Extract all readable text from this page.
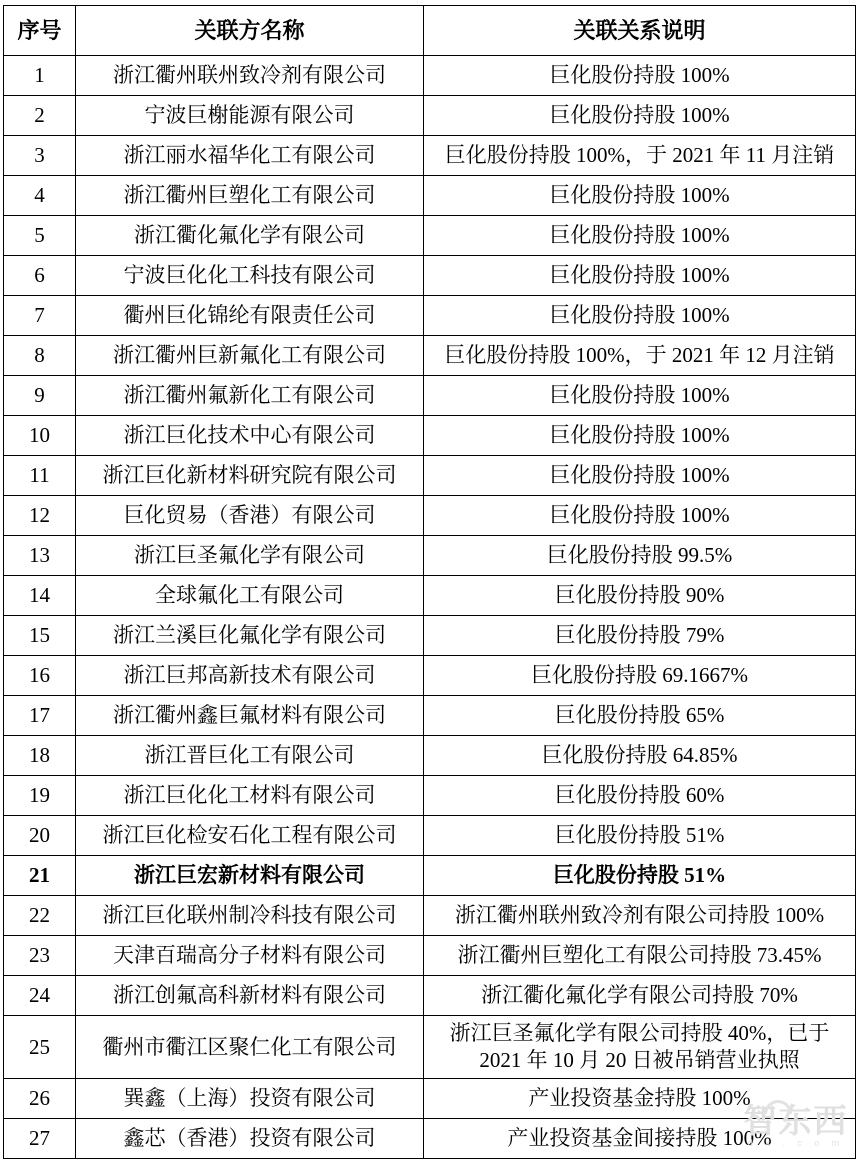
序号	关联方名称	关联关系说明
1	浙江衢州联州致冷剂有限公司	巨化股份持股 100%
2	宁波巨榭能源有限公司	巨化股份持股 100%
3	浙江丽水福华化工有限公司	巨化股份持股 100%，于 2021 年 11 月注销
4	浙江衢州巨塑化工有限公司	巨化股份持股 100%
5	浙江衢化氟化学有限公司	巨化股份持股 100%
6	宁波巨化化工科技有限公司	巨化股份持股 100%
7	衢州巨化锦纶有限责任公司	巨化股份持股 100%
8	浙江衢州巨新氟化工有限公司	巨化股份持股 100%，于 2021 年 12 月注销
9	浙江衢州氟新化工有限公司	巨化股份持股 100%
10	浙江巨化技术中心有限公司	巨化股份持股 100%
11	浙江巨化新材料研究院有限公司	巨化股份持股 100%
12	巨化贸易（香港）有限公司	巨化股份持股 100%
13	浙江巨圣氟化学有限公司	巨化股份持股 99.5%
14	全球氟化工有限公司	巨化股份持股 90%
15	浙江兰溪巨化氟化学有限公司	巨化股份持股 79%
16	浙江巨邦高新技术有限公司	巨化股份持股 69.1667%
17	浙江衢州鑫巨氟材料有限公司	巨化股份持股 65%
18	浙江晋巨化工有限公司	巨化股份持股 64.85%
19	浙江巨化化工材料有限公司	巨化股份持股 60%
20	浙江巨化检安石化工程有限公司	巨化股份持股 51%
21	浙江巨宏新材料有限公司	巨化股份持股 51%
22	浙江巨化联州制冷科技有限公司	浙江衢州联州致冷剂有限公司持股 100%
23	天津百瑞高分子材料有限公司	浙江衢州巨塑化工有限公司持股 73.45%
24	浙江创氟高科新材料有限公司	浙江衢化氟化学有限公司持股 70%
25	衢州市衢江区聚仁化工有限公司	浙江巨圣氟化学有限公司持股 40%，已于 2021 年 10 月 20 日被吊销营业执照
26	巽鑫（上海）投资有限公司	产业投资基金持股 100%
27	鑫芯（香港）投资有限公司	产业投资基金间接持股 100%
智东西
d x . c o m
